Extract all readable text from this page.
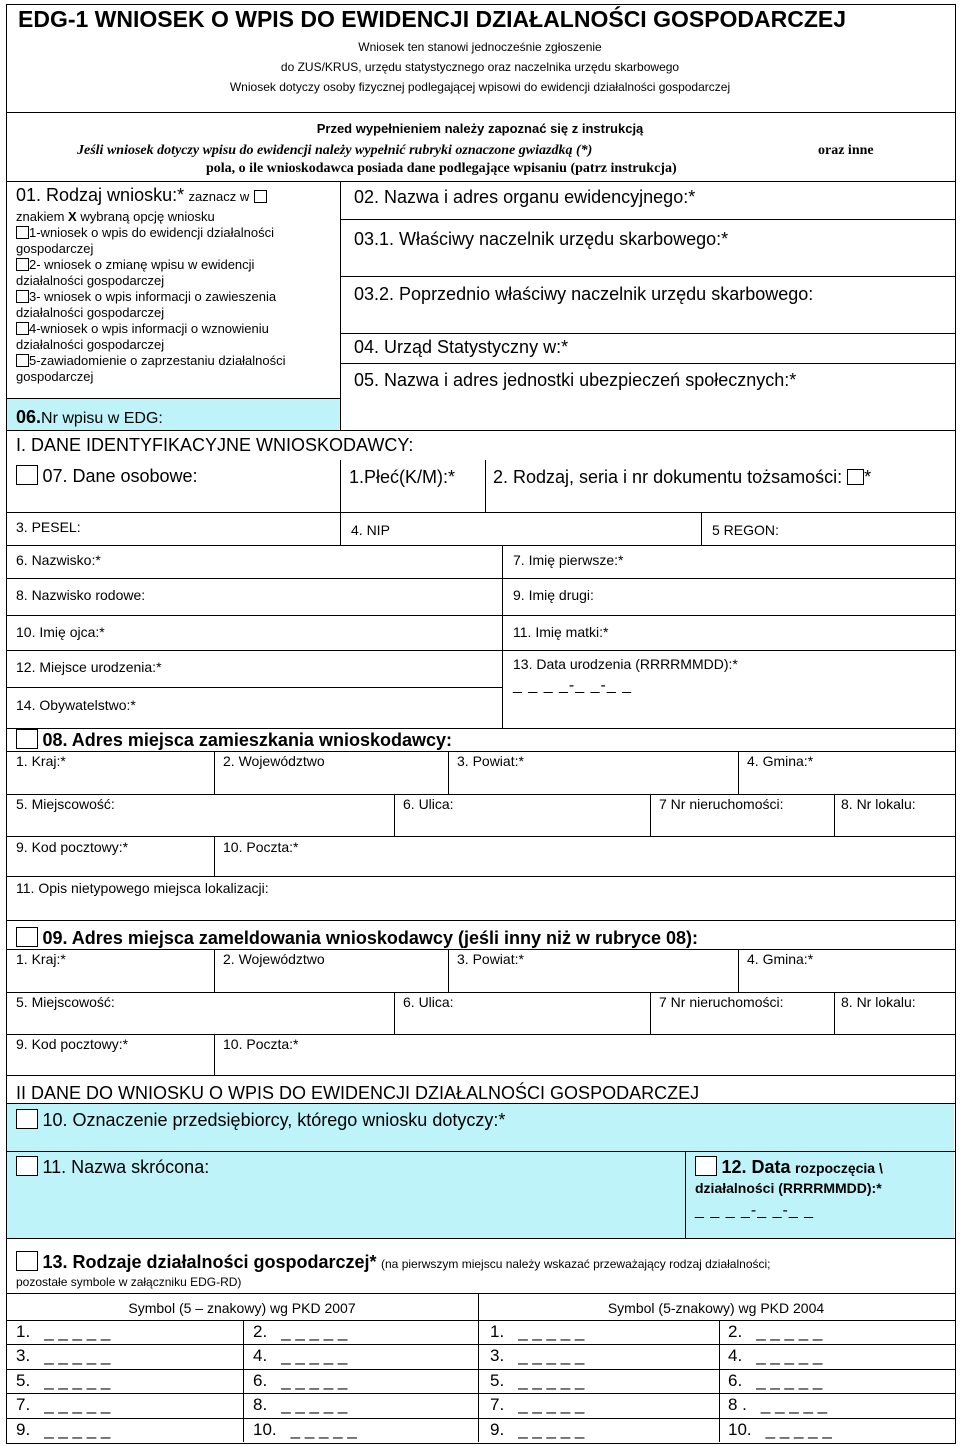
EDG-1 WNIOSEK O WPIS DO EWIDENCJI DZIAŁALNOŚCI GOSPODARCZEJ
Wniosek ten stanowi jednocześnie zgłoszenie
do ZUS/KRUS, urzędu statystycznego oraz naczelnika urzędu skarbowego
Wniosek dotyczy osoby fizycznej podlegającej wpisowi do ewidencji działalności gospodarczej
Przed wypełnieniem należy zapoznać się z instrukcją
Jeśli wniosek dotyczy wpisu do ewidencji należy wypełnić rubryki oznaczone gwiazdką (*)	oraz inne
pola, o ile wnioskodawca posiada dane podlegające wpisaniu (patrz instrukcja)
01. Rodzaj wniosku:* zaznacz w
znakiem X wybraną opcję wniosku
1-wniosek o wpis do ewidencji działalności
gospodarczej
2- wniosek o zmianę wpisu w ewidencji
działalności gospodarczej
3- wniosek o wpis informacji o zawieszenia
działalności gospodarczej
4-wniosek o wpis informacji o wznowieniu
działalności gospodarczej
5-zawiadomienie o zaprzestaniu działalności
gospodarczej
02. Nazwa i adres organu ewidencyjnego:*
03.1. Właściwy naczelnik urzędu skarbowego:*
03.2. Poprzednio właściwy naczelnik urzędu skarbowego:
04. Urząd Statystyczny w:*
05. Nazwa i adres jednostki ubezpieczeń społecznych:*
06.Nr wpisu w EDG:
I. DANE IDENTYFIKACYJNE WNIOSKODAWCY:
07. Dane osobowe:	1.Płeć(K/M):* 2. Rodzaj, seria i nr dokumentu tożsamości: *
3. PESEL:	4. NIP	5 REGON:
6. Nazwisko:*	7. Imię pierwsze:*
8. Nazwisko rodowe:	9. Imię drugi:
10. Imię ojca:*	11. Imię matki:*
12. Miejsce urodzenia:*	13. Data urodzenia (RRRRMMDD):*
_ _ _ _-_ _-_ _
14. Obywatelstwo:*
08. Adres miejsca zamieszkania wnioskodawcy:
1. Kraj:*	2. Województwo	3. Powiat:*	4. Gmina:*
5. Miejscowość:	6. Ulica:	7 Nr nieruchomości:	8. Nr lokalu:
9. Kod pocztowy:*	10. Poczta:*
11. Opis nietypowego miejsca lokalizacji:
09. Adres miejsca zameldowania wnioskodawcy (jeśli inny niż w rubryce 08):
1. Kraj:*	2. Województwo	3. Powiat:*	4. Gmina:*
5. Miejscowość:	6. Ulica:	7 Nr nieruchomości:	8. Nr lokalu:
9. Kod pocztowy:*	10. Poczta:*
II DANE DO WNIOSKU O WPIS DO EWIDENCJI DZIAŁALNOŚCI GOSPODARCZEJ
10. Oznaczenie przedsiębiorcy, którego wniosku dotyczy:*
11. Nazwa skrócona:	12. Data rozpoczęcia \
działalności (RRRRMMDD):*
_ _ _ _-_ _-_ _
13. Rodzaje działalności gospodarczej* (na pierwszym miejscu należy wskazać przeważający rodzaj działalności;
pozostałe symbole w załączniku EDG-RD)
Symbol (5 – znakowy) wg PKD 2007	Symbol (5-znakowy) wg PKD 2004
1. _ _ _ _ _	2. _ _ _ _ _	1. _ _ _ _ _	2. _ _ _ _ _
3. _ _ _ _ _	4. _ _ _ _ _	3. _ _ _ _ _	4. _ _ _ _ _
5. _ _ _ _ _	6. _ _ _ _ _	5. _ _ _ _ _	6. _ _ _ _ _
7. _ _ _ _ _	8. _ _ _ _ _	7. _ _ _ _ _	8 . _ _ _ _ _
9. _ _ _ _ _	10. _ _ _ _ _	9. _ _ _ _ _	10. _ _ _ _ _
